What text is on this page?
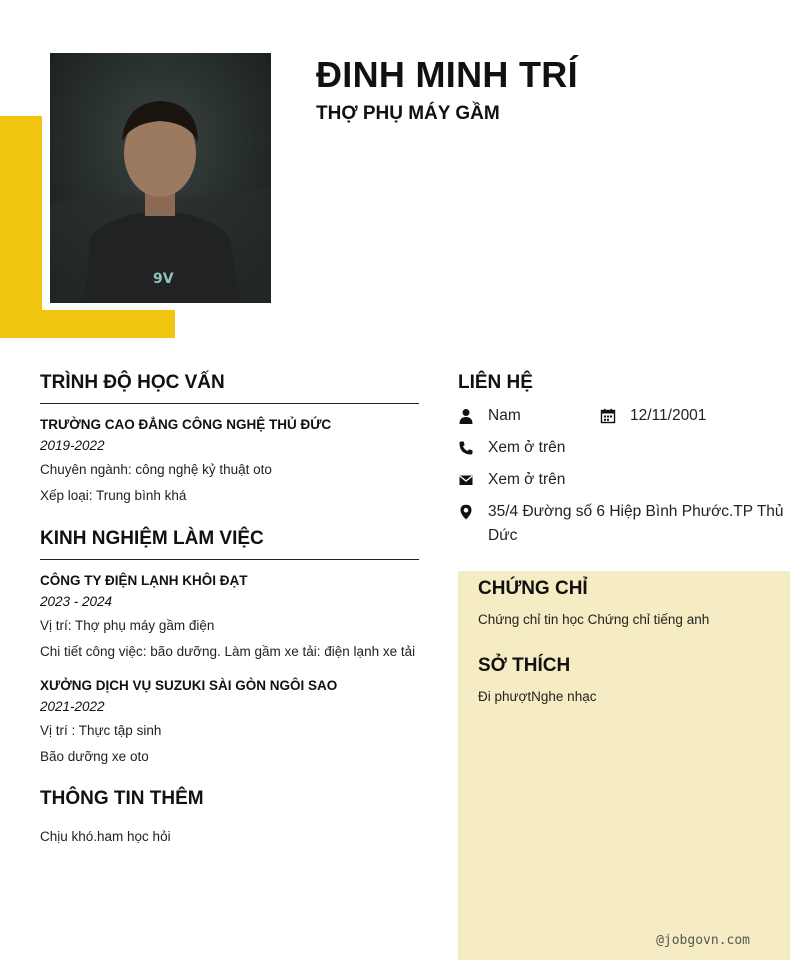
9V
ĐINH MINH TRÍ
THỢ PHỤ MÁY GẦM
TRÌNH ĐỘ HỌC VẤN
TRƯỜNG CAO ĐẲNG CÔNG NGHỆ THỦ ĐỨC
2019-2022
Chuyên ngành: công nghệ kỷ thuật oto
Xếp loại: Trung bình khá
KINH NGHIỆM LÀM VIỆC
CÔNG TY ĐIỆN LẠNH KHÔI ĐẠT
2023 - 2024
Vị trí: Thợ phụ máy gầm điện
Chi tiết công việc: bão dưỡng. Làm gầm xe tải: điện lạnh xe tải
XƯỞNG DỊCH VỤ SUZUKI SÀI GÒN NGÔI SAO
2021-2022
Vị trí : Thực tập sinh
Bão dưỡng xe oto
THÔNG TIN THÊM
Chịu khó.ham học hỏi
LIÊN HỆ
Nam	12/11/2001
Xem ở trên
Xem ở trên
35/4 Đường số 6 Hiệp Bình Phước.TP Thủ Dức
CHỨNG CHỈ
Chứng chỉ tin học Chứng chỉ tiếng anh
SỞ THÍCH
Đi phượtNghe nhạc
@jobgovn.com
